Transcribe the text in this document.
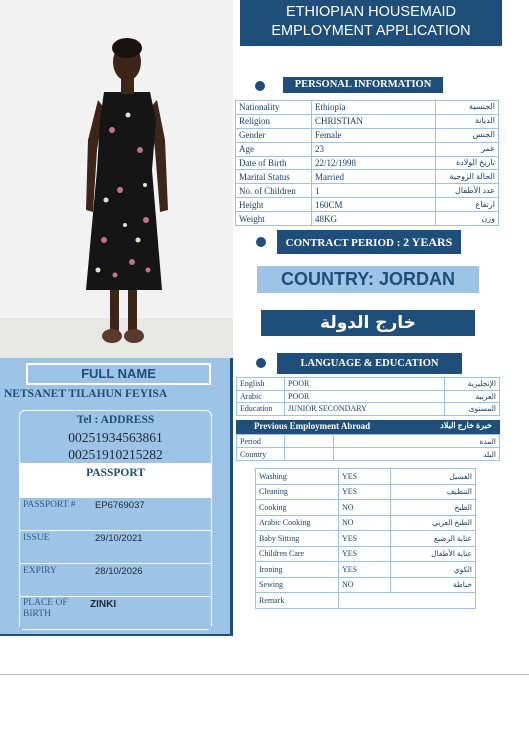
ETHIOPIAN HOUSEMAID
EMPLOYMENT APPLICATION
PERSONAL INFORMATION
Nationality	Ethiopia	الجنسية
Religion	CHRISTIAN	الديانة
Gender	Female	الجنس
Age	23	عمر
Date of Birth	22/12/1998	تاريخ الولادة
Marital Status	Married	الحالة الزوجية
No. of Children	1	عدد الأطفال
Height	160CM	ارتفاع
Weight	48KG	وزن
CONTRACT PERIOD : 2 YEARS
COUNTRY: JORDAN
خارج الدولة
LANGUAGE & EDUCATION
English	POOR	الإنجليزية
Arabic	POOR	العربية
Education	JUNIOR SECONDARY	المستوى
Previous Employment Abroad	خبرة خارج البلاد
Period		المدة
Country		البلد
Washing	YES	الغسيل
Cleaning	YES	التنظيف
Cooking	NO	الطبخ
Arabic Cooking	NO	الطبخ العربي
Baby Sitting	YES	عناية الرضيع
Children Care	YES	عناية الأطفال
Ironing	YES	الكوي
Sewing	NO	خياطة
Remark		
FULL NAME
NETSANET TILAHUN FEYISA
Tel : ADDRESS
00251934563861
00251910215282
PASSPORT
PASSPORT # EP6769037
ISSUE	29/10/2021
EXPIRY	28/10/2026
PLACE OF
BIRTH
ZINKI
